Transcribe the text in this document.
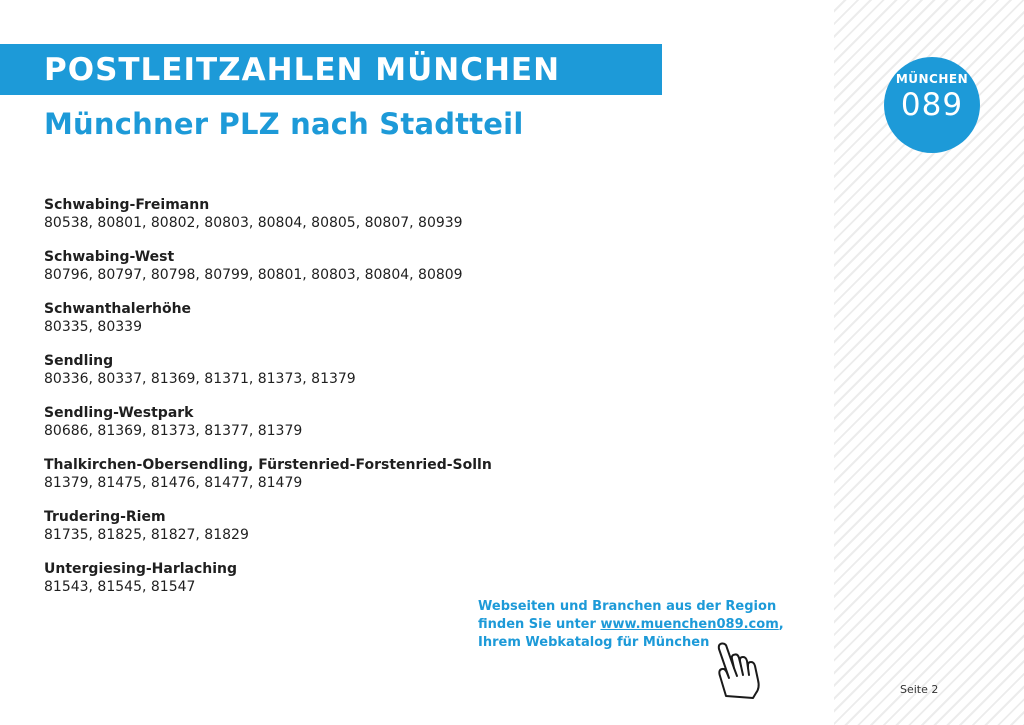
POSTLEITZAHLEN MÜNCHEN
Münchner PLZ nach Stadtteil
MÜNCHEN
089
Schwabing-Freimann
80538, 80801, 80802, 80803, 80804, 80805, 80807, 80939
Schwabing-West
80796, 80797, 80798, 80799, 80801, 80803, 80804, 80809
Schwanthalerhöhe
80335, 80339
Sendling
80336, 80337, 81369, 81371, 81373, 81379
Sendling-Westpark
80686, 81369, 81373, 81377, 81379
Thalkirchen-Obersendling, Fürstenried-Forstenried-Solln
81379, 81475, 81476, 81477, 81479
Trudering-Riem
81735, 81825, 81827, 81829
Untergiesing-Harlaching
81543, 81545, 81547
Webseiten und Branchen aus der Region
finden Sie unter www.muenchen089.com,
Ihrem Webkatalog für München
Seite 2
